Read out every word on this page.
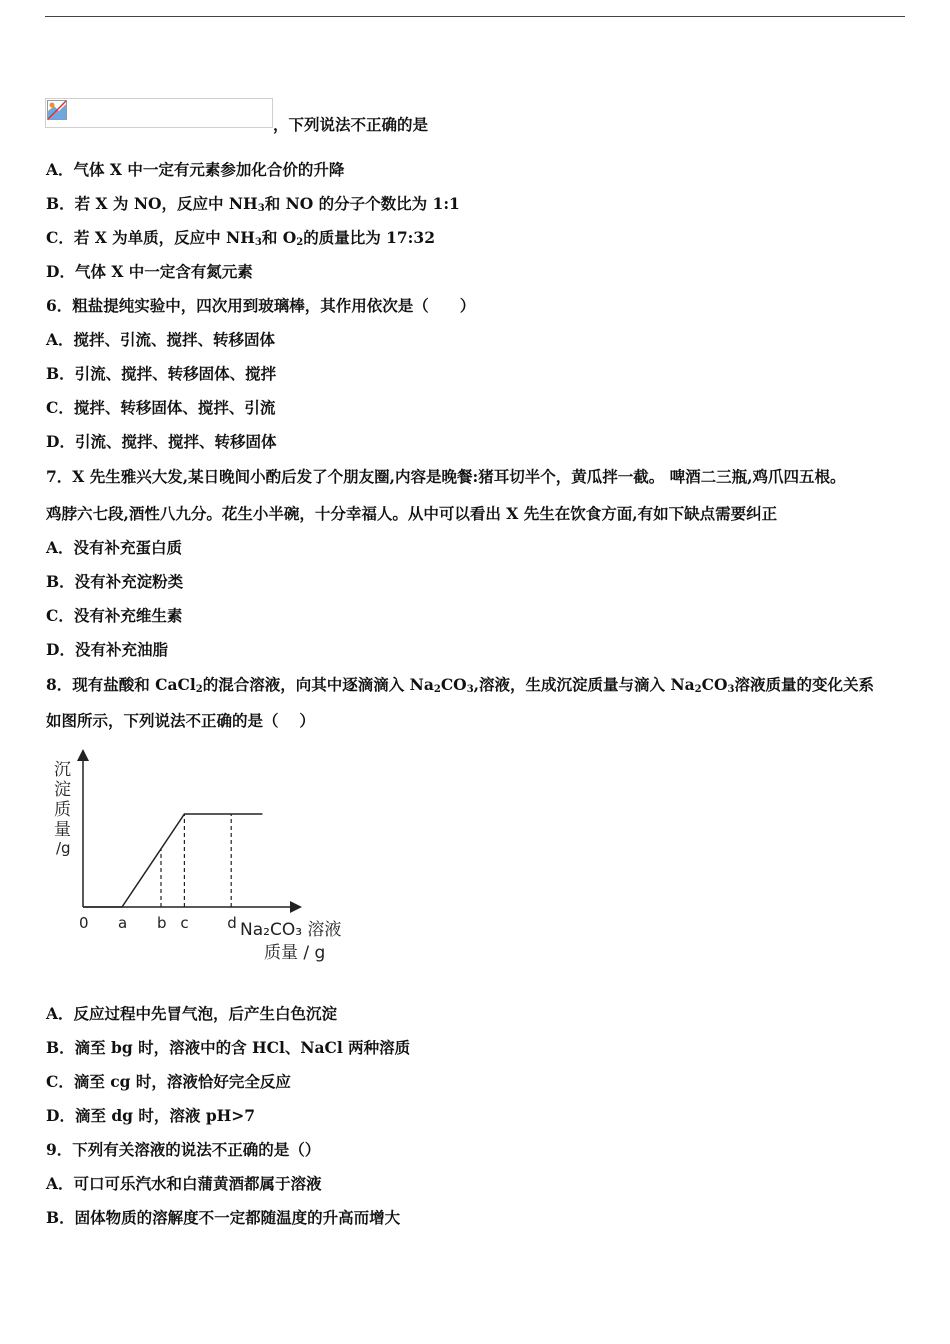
，下列说法不正确的是
A．气体 X 中一定有元素参加化合价的升降
B．若 X 为 NO，反应中 $NH_3$和 NO 的分子个数比为 1:1
C．若 X 为单质，反应中 $NH_3$和 $O_2$的质量比为 17:32
D．气体 X 中一定含有氮元素
6．粗盐提纯实验中，四次用到玻璃棒，其作用依次是（　　）
A．搅拌、引流、搅拌、转移固体
B．引流、搅拌、转移固体、搅拌
C．搅拌、转移固体、搅拌、引流
D．引流、搅拌、搅拌、转移固体
7．X 先生雅兴大发,某日晚间小酌后发了个朋友圈,内容是晚餐:猪耳切半个，黄瓜拌一截。 啤酒二三瓶,鸡爪四五根。
鸡脖六七段,酒性八九分。花生小半碗，十分幸福人。从中可以看出 X 先生在饮食方面,有如下缺点需要纠正
A．没有补充蛋白质
B．没有补充淀粉类
C．没有补充维生素
D．没有补充油脂
8．现有盐酸和 CaCl$_2$的混合溶液，向其中逐滴滴入 $Na_2CO_3$,溶液，生成沉淀质量与滴入 $Na_2CO_3$溶液质量的变化关系
如图所示，下列说法不正确的是（　 ）
沉
淀
质
量
/g
0 a b c	d Na₂CO₃ 溶液
质量 / g
A．反应过程中先冒气泡，后产生白色沉淀
B．滴至 bg 时，溶液中的含 HCl、NaCl 两种溶质
C．滴至 cg 时，溶液恰好完全反应
D．滴至 dg 时，溶液 pH>7
9．下列有关溶液的说法不正确的是（）
A．可口可乐汽水和白蒲黄酒都属于溶液
B．固体物质的溶解度不一定都随温度的升高而增大
